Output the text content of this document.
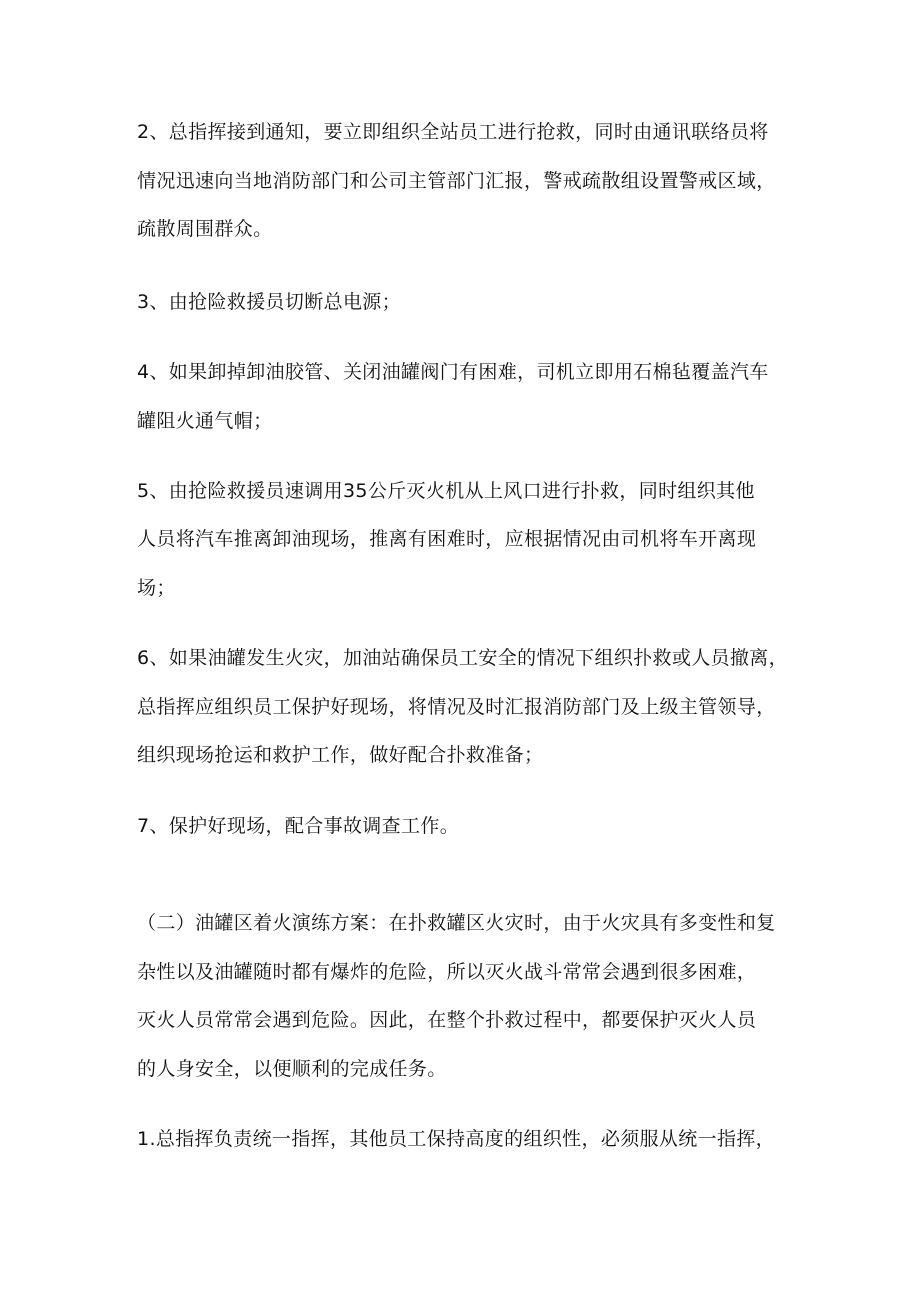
2、总指挥接到通知，要立即组织全站员工进行抢救，同时由通讯联络员将
情况迅速向当地消防部门和公司主管部门汇报，警戒疏散组设置警戒区域，
疏散周围群众。
3、由抢险救援员切断总电源；
4、如果卸掉卸油胶管、关闭油罐阀门有困难，司机立即用石棉毡覆盖汽车
罐阻火通气帽；
5、由抢险救援员速调用35公斤灭火机从上风口进行扑救，同时组织其他
人员将汽车推离卸油现场，推离有困难时，应根据情况由司机将车开离现
场；
6、如果油罐发生火灾，加油站确保员工安全的情况下组织扑救或人员撤离，
总指挥应组织员工保护好现场，将情况及时汇报消防部门及上级主管领导，
组织现场抢运和救护工作，做好配合扑救准备；
7、保护好现场，配合事故调查工作。
（二）油罐区着火演练方案：在扑救罐区火灾时，由于火灾具有多变性和复
杂性以及油罐随时都有爆炸的危险，所以灭火战斗常常会遇到很多困难，
灭火人员常常会遇到危险。因此，在整个扑救过程中，都要保护灭火人员
的人身安全，以便顺利的完成任务。
1.总指挥负责统一指挥，其他员工保持高度的组织性，必须服从统一指挥，
